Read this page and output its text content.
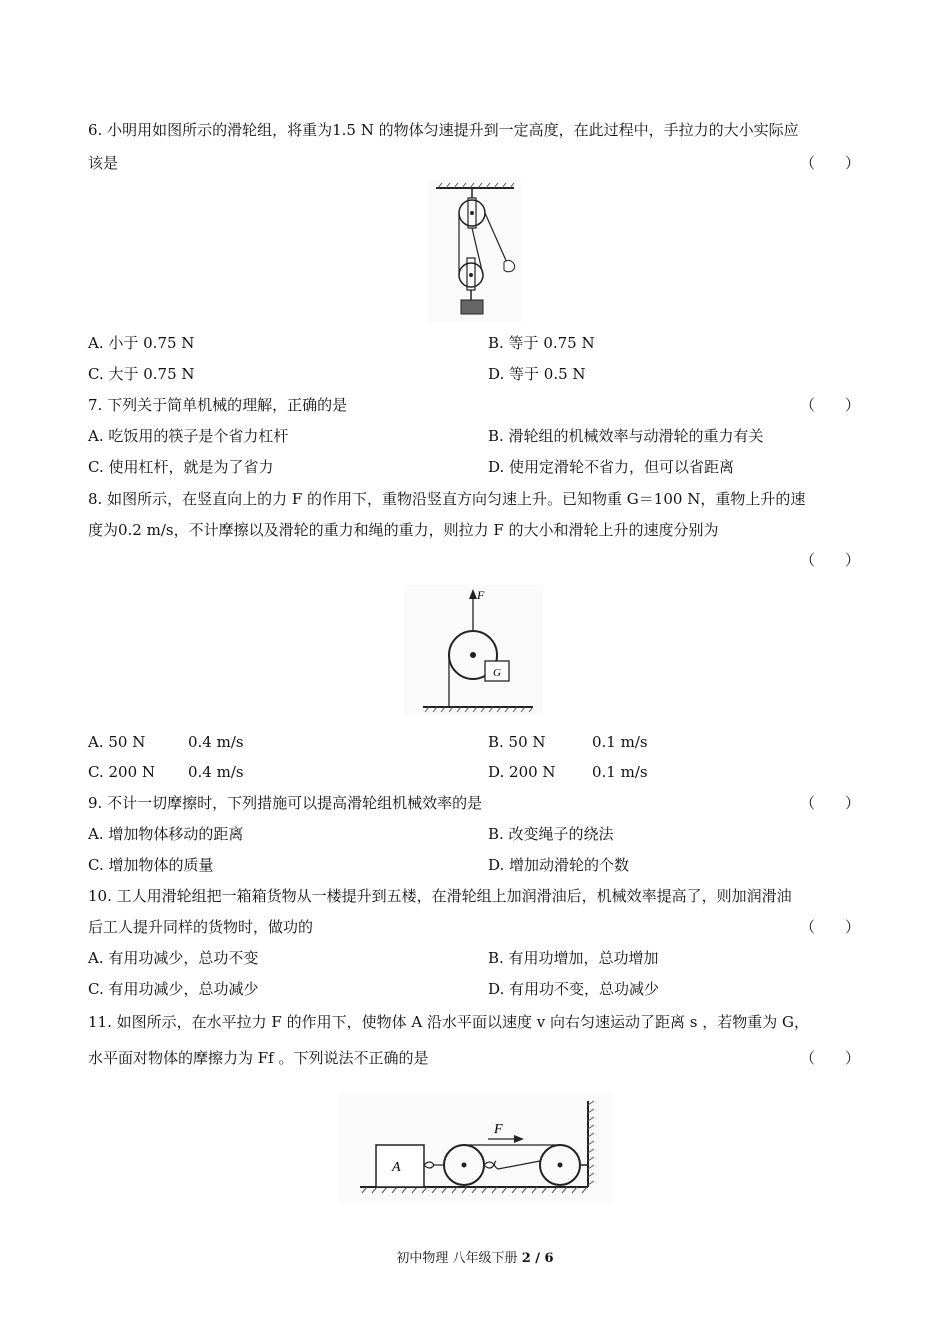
6. 小明用如图所示的滑轮组，将重为1.5 N 的物体匀速提升到一定高度，在此过程中，手拉力的大小实际应
该是	（　　）
A. 小于 0.75 N	B. 等于 0.75 N
C. 大于 0.75 N	D. 等于 0.5 N
7. 下列关于简单机械的理解，正确的是	（　　）
A. 吃饭用的筷子是个省力杠杆	B. 滑轮组的机械效率与动滑轮的重力有关
C. 使用杠杆，就是为了省力	D. 使用定滑轮不省力，但可以省距离
8. 如图所示，在竖直向上的力 F 的作用下，重物沿竖直方向匀速上升。已知物重 G＝100 N，重物上升的速
度为0.2 m/s，不计摩擦以及滑轮的重力和绳的重力，则拉力 F 的大小和滑轮上升的速度分别为
（　　）
F
G
A. 50 N	0.4 m/s	B. 50 N	0.1 m/s
C. 200 N 0.4 m/s	D. 200 N 0.1 m/s
9. 不计一切摩擦时，下列措施可以提高滑轮组机械效率的是	（　　）
A. 增加物体移动的距离	B. 改变绳子的绕法
C. 增加物体的质量	D. 增加动滑轮的个数
10. 工人用滑轮组把一箱箱货物从一楼提升到五楼，在滑轮组上加润滑油后，机械效率提高了，则加润滑油
后工人提升同样的货物时，做功的	（　　）
A. 有用功减少，总功不变	B. 有用功增加，总功增加
C. 有用功减少，总功减少	D. 有用功不变，总功减少
11. 如图所示，在水平拉力 F 的作用下，使物体 A 沿水平面以速度 v 向右匀速运动了距离 s ，若物重为 G，
水平面对物体的摩擦力为 Ff 。下列说法不正确的是	（　　）
A
F
初中物理 八年级下册 2 / 6
